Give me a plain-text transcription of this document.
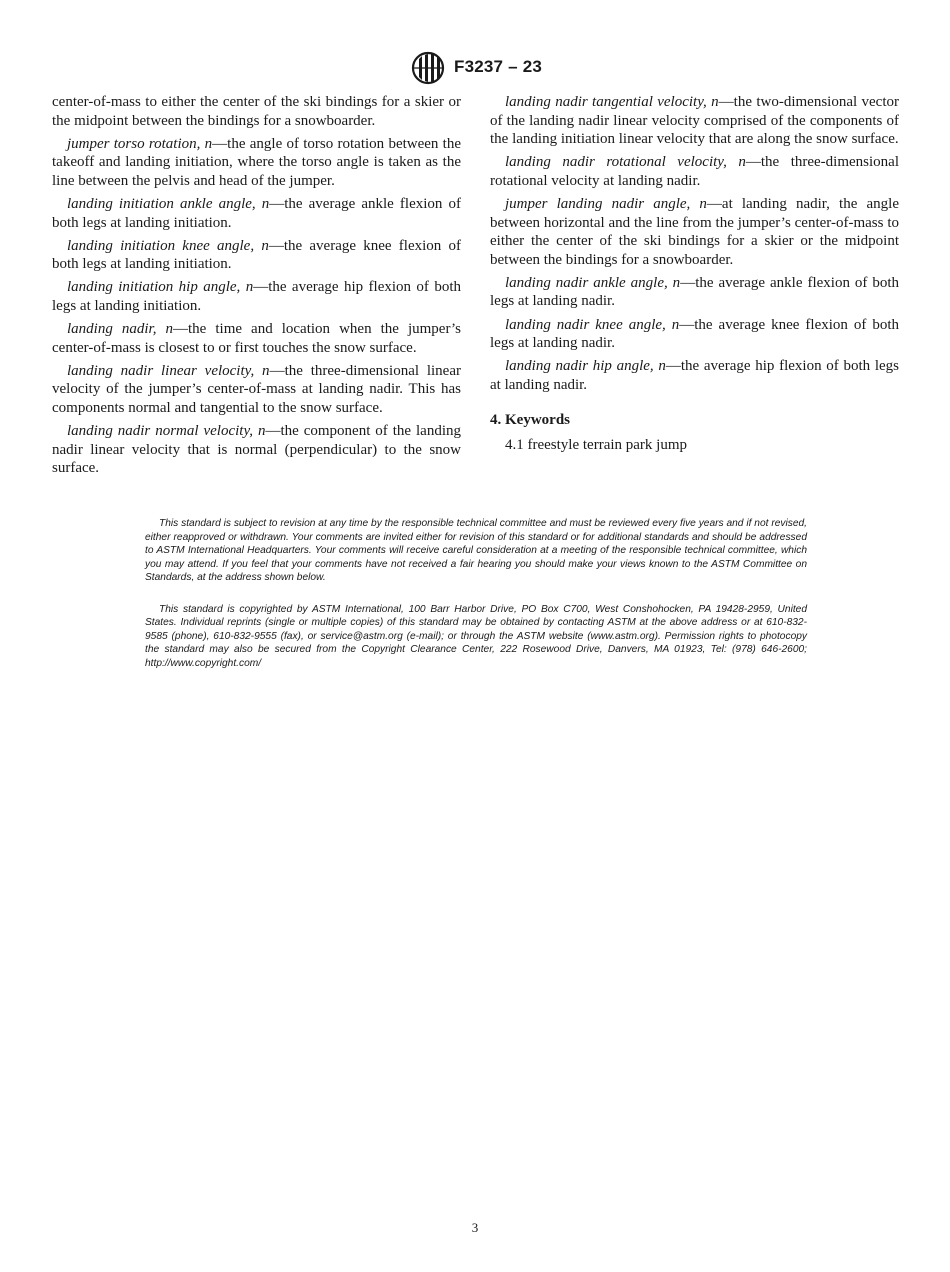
F3237 – 23

center-of-mass to either the center of the ski bindings for a skier or the midpoint between the bindings for a snowboarder.

jumper torso rotation, n—the angle of torso rotation between the takeoff and landing initiation, where the torso angle is taken as the line between the pelvis and head of the jumper.

landing initiation ankle angle, n—the average ankle flexion of both legs at landing initiation.

landing initiation knee angle, n—the average knee flexion of both legs at landing initiation.

landing initiation hip angle, n—the average hip flexion of both legs at landing initiation.

landing nadir, n—the time and location when the jumper’s center-of-mass is closest to or first touches the snow surface.

landing nadir linear velocity, n—the three-dimensional linear velocity of the jumper’s center-of-mass at landing nadir. This has components normal and tangential to the snow surface.

landing nadir normal velocity, n—the component of the landing nadir linear velocity that is normal (perpendicular) to the snow surface.

landing nadir tangential velocity, n—the two-dimensional vector of the landing nadir linear velocity comprised of the components of the landing initiation linear velocity that are along the snow surface.

landing nadir rotational velocity, n—the three-dimensional rotational velocity at landing nadir.

jumper landing nadir angle, n—at landing nadir, the angle between horizontal and the line from the jumper’s center-of-mass to either the center of the ski bindings for a skier or the midpoint between the bindings for a snowboarder.

landing nadir ankle angle, n—the average ankle flexion of both legs at landing nadir.

landing nadir knee angle, n—the average knee flexion of both legs at landing nadir.

landing nadir hip angle, n—the average hip flexion of both legs at landing nadir.

4. Keywords

4.1 freestyle terrain park jump

This standard is subject to revision at any time by the responsible technical committee and must be reviewed every five years and if not revised, either reapproved or withdrawn. Your comments are invited either for revision of this standard or for additional standards and should be addressed to ASTM International Headquarters. Your comments will receive careful consideration at a meeting of the responsible technical committee, which you may attend. If you feel that your comments have not received a fair hearing you should make your views known to the ASTM Committee on Standards, at the address shown below.

This standard is copyrighted by ASTM International, 100 Barr Harbor Drive, PO Box C700, West Conshohocken, PA 19428-2959, United States. Individual reprints (single or multiple copies) of this standard may be obtained by contacting ASTM at the above address or at 610-832-9585 (phone), 610-832-9555 (fax), or service@astm.org (e-mail); or through the ASTM website (www.astm.org). Permission rights to photocopy the standard may also be secured from the Copyright Clearance Center, 222 Rosewood Drive, Danvers, MA 01923, Tel: (978) 646-2600; http://www.copyright.com/

3
